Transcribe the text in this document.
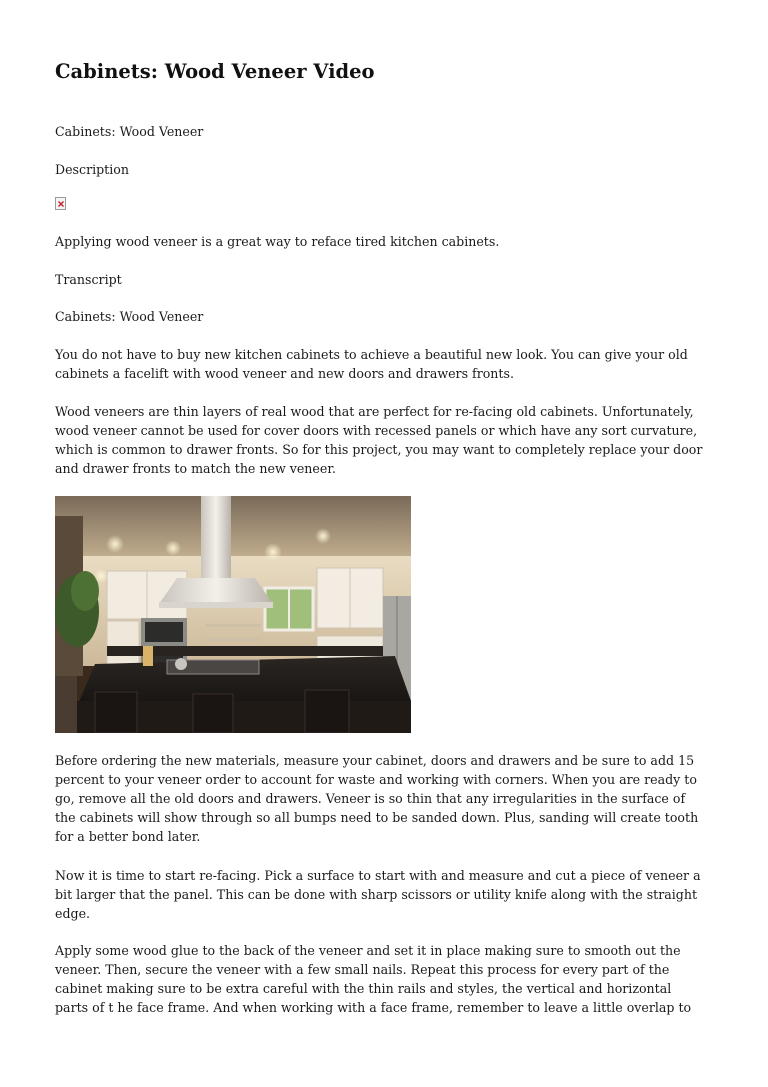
Cabinets: Wood Veneer Video

Cabinets: Wood Veneer

Description

Applying wood veneer is a great way to reface tired kitchen cabinets.

Transcript

Cabinets: Wood Veneer

You do not have to buy new kitchen cabinets to achieve a beautiful new look. You can give your old
cabinets a facelift with wood veneer and new doors and drawers fronts.
Wood veneers are thin layers of real wood that are perfect for re-facing old cabinets. Unfortunately,
wood veneer cannot be used for cover doors with recessed panels or which have any sort curvature,
which is common to drawer fronts. So for this project, you may want to completely replace your door
and drawer fronts to match the new veneer.
Before ordering the new materials, measure your cabinet, doors and drawers and be sure to add 15
percent to your veneer order to account for waste and working with corners. When you are ready to
go, remove all the old doors and drawers. Veneer is so thin that any irregularities in the surface of
the cabinets will show through so all bumps need to be sanded down. Plus, sanding will create tooth
for a better bond later.
Now it is time to start re-facing. Pick a surface to start with and measure and cut a piece of veneer a
bit larger that the panel. This can be done with sharp scissors or utility knife along with the straight
edge.
Apply some wood glue to the back of the veneer and set it in place making sure to smooth out the
veneer. Then, secure the veneer with a few small nails. Repeat this process for every part of the
cabinet making sure to be extra careful with the thin rails and styles, the vertical and horizontal
parts of t he face frame. And when working with a face frame, remember to leave a little overlap to
